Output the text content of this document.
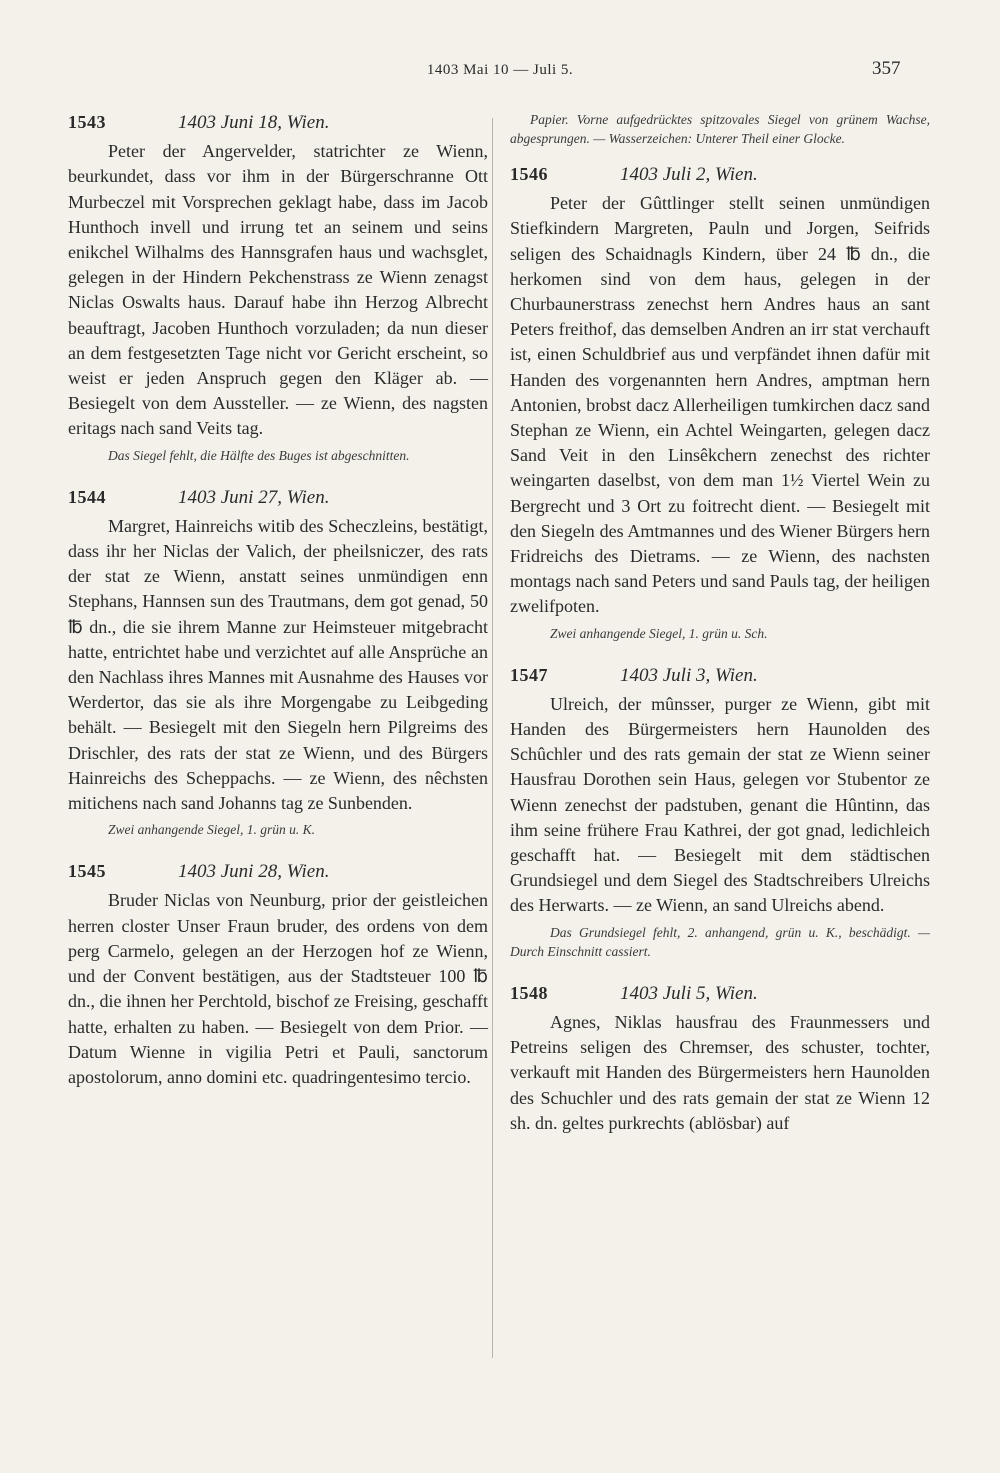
1403 Mai 10 — Juli 5.	357
1543	1403 Juni 18, Wien.

Peter der Angervelder, statrichter ze Wienn, beurkundet, dass vor ihm in der Bürgerschranne Ott Murbeczel mit Vorsprechen geklagt habe, dass im Jacob Hunthoch invell und irrung tet an seinem und seins enikchel Wilhalms des Hannsgrafen haus und wachsglet, gelegen in der Hindern Pekchenstrass ze Wienn zenagst Niclas Oswalts haus. Darauf habe ihn Herzog Albrecht beauftragt, Jacoben Hunthoch vorzuladen; da nun dieser an dem festgesetzten Tage nicht vor Gericht erscheint, so weist er jeden Anspruch gegen den Kläger ab. — Besiegelt von dem Aussteller. — ze Wienn, des nagsten eritags nach sand Veits tag.

Das Siegel fehlt, die Hälfte des Buges ist abgeschnitten.

1544	1403 Juni 27, Wien.

Margret, Hainreichs witib des Scheczleins, bestätigt, dass ihr her Niclas der Valich, der pheilsniczer, des rats der stat ze Wienn, anstatt seines unmündigen enn Stephans, Hannsen sun des Trautmans, dem got genad, 50 ℔ dn., die sie ihrem Manne zur Heimsteuer mitgebracht hatte, entrichtet habe und verzichtet auf alle Ansprüche an den Nachlass ihres Mannes mit Ausnahme des Hauses vor Werdertor, das sie als ihre Morgengabe zu Leibgeding behält. — Besiegelt mit den Siegeln hern Pilgreims des Drischler, des rats der stat ze Wienn, und des Bürgers Hainreichs des Scheppachs. — ze Wienn, des nêchsten mitichens nach sand Johanns tag ze Sunbenden.

Zwei anhangende Siegel, 1. grün u. K.

1545	1403 Juni 28, Wien.

Bruder Niclas von Neunburg, prior der geistleichen herren closter Unser Fraun bruder, des ordens von dem perg Carmelo, gelegen an der Herzogen hof ze Wienn, und der Convent bestätigen, aus der Stadtsteuer 100 ℔ dn., die ihnen her Perchtold, bischof ze Freising, geschafft hatte, erhalten zu haben. — Besiegelt von dem Prior. — Datum Wienne in vigilia Petri et Pauli, sanctorum apostolorum, anno domini etc. quadringentesimo tercio.

Papier. Vorne aufgedrücktes spitzovales Siegel von grünem Wachse, abgesprungen. — Wasserzeichen: Unterer Theil einer Glocke.

1546	1403 Juli 2, Wien.

Peter der Gûttlinger stellt seinen unmündigen Stiefkindern Margreten, Pauln und Jorgen, Seifrids seligen des Schaidnagls Kindern, über 24 ℔ dn., die herkomen sind von dem haus, gelegen in der Churbaunerstrass zenechst hern Andres haus an sant Peters freithof, das demselben Andren an irr stat verchauft ist, einen Schuldbrief aus und verpfändet ihnen dafür mit Handen des vorgenannten hern Andres, amptman hern Antonien, brobst dacz Allerheiligen tumkirchen dacz sand Stephan ze Wienn, ein Achtel Weingarten, gelegen dacz Sand Veit in den Linsêkchern zenechst des richter weingarten daselbst, von dem man 1½ Viertel Wein zu Bergrecht und 3 Ort zu foitrecht dient. — Besiegelt mit den Siegeln des Amtmannes und des Wiener Bürgers hern Fridreichs des Dietrams. — ze Wienn, des nachsten montags nach sand Peters und sand Pauls tag, der heiligen zwelifpoten.

Zwei anhangende Siegel, 1. grün u. Sch.

1547	1403 Juli 3, Wien.

Ulreich, der mûnsser, purger ze Wienn, gibt mit Handen des Bürgermeisters hern Haunolden des Schûchler und des rats gemain der stat ze Wienn seiner Hausfrau Dorothen sein Haus, gelegen vor Stubentor ze Wienn zenechst der padstuben, genant die Hûntinn, das ihm seine frühere Frau Kathrei, der got gnad, ledichleich geschafft hat. — Besiegelt mit dem städtischen Grundsiegel und dem Siegel des Stadtschreibers Ulreichs des Herwarts. — ze Wienn, an sand Ulreichs abend.

Das Grundsiegel fehlt, 2. anhangend, grün u. K., beschädigt. — Durch Einschnitt cassiert.

1548	1403 Juli 5, Wien.

Agnes, Niklas hausfrau des Fraunmessers und Petreins seligen des Chremser, des schuster, tochter, verkauft mit Handen des Bürgermeisters hern Haunolden des Schuchler und des rats gemain der stat ze Wienn 12 sh. dn. geltes purkrechts (ablösbar) auf
